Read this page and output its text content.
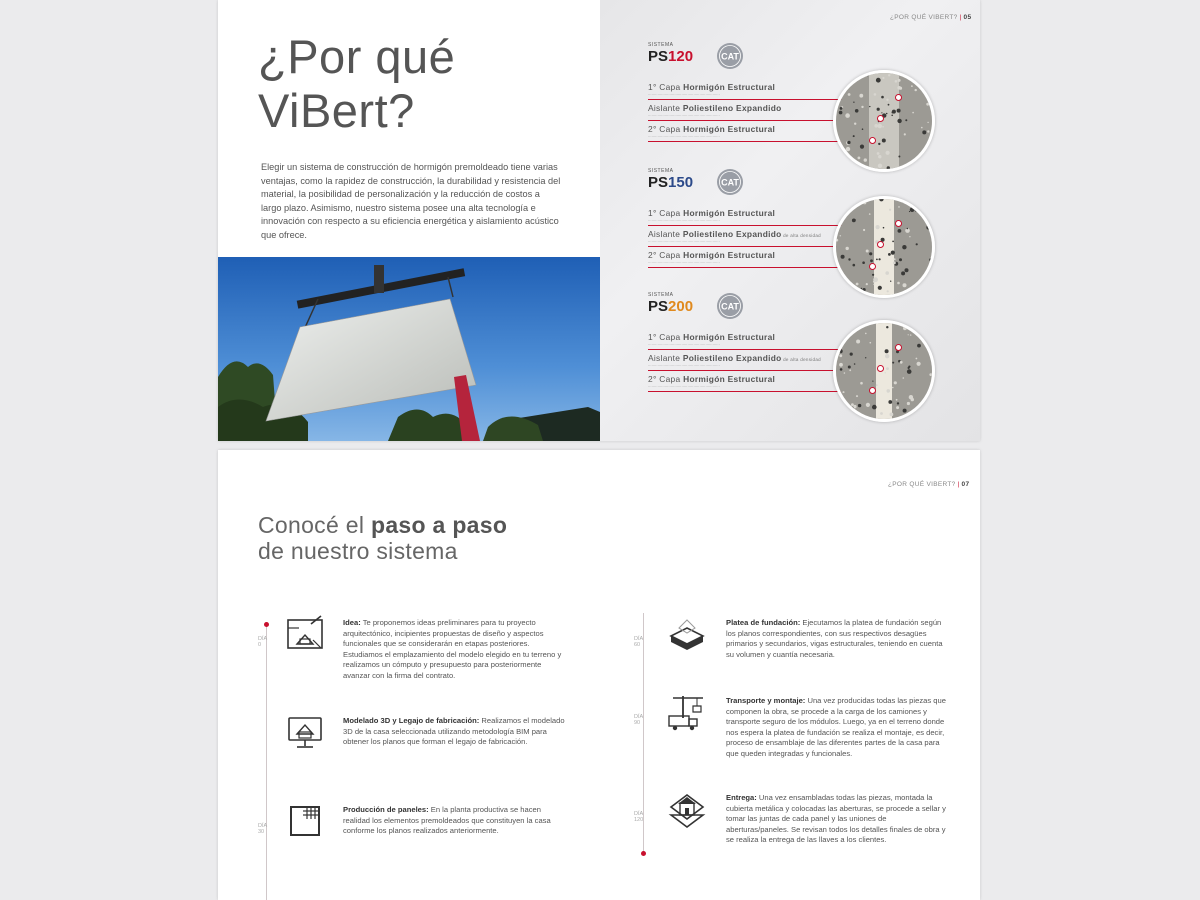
¿Por qué
ViBert?
Elegir un sistema de construcción de hormigón premoldeado tiene varias ventajas, como la rapidez de construcción, la durabilidad y resistencia del material, la posibilidad de personalización y la reducción de costos a largo plazo. Asimismo, nuestro sistema posee una alta tecnología e innovación con respecto a su eficiencia energética y aislamiento acústico que ofrece.
¿POR QUÉ VIBERT? | 05
SISTEMA
PS120	CAT
1° Capa Hormigón Estructural
····························································
Aislante Poliestileno Expandido
····························································
2° Capa Hormigón Estructural
····························································
SISTEMA
PS150	CAT
1° Capa Hormigón Estructural
····························································
Aislante Poliestileno Expandido de alta densidad
····························································
2° Capa Hormigón Estructural
····························································
SISTEMA
PS200	CAT
1° Capa Hormigón Estructural
····························································
Aislante Poliestileno Expandido de alta densidad
····························································
2° Capa Hormigón Estructural
····························································
¿POR QUÉ VIBERT? | 07
Conocé el paso a paso
de nuestro sistema
DÍA 0
Idea: Te proponemos ideas preliminares para tu proyecto arquitectónico, incipientes propuestas de diseño y aspectos funcionales que se considerarán en etapas posteriores. Estudiamos el emplazamiento del modelo elegido en tu terreno y realizamos un cómputo y presupuesto para posteriormente avanzar con la firma del contrato.
Modelado 3D y Legajo de fabricación: Realizamos el modelado 3D de la casa seleccionada utilizando metodología BIM para obtener los planos que forman el legajo de fabricación.
DÍA 30
Producción de paneles: En la planta productiva se hacen realidad los elementos premoldeados que constituyen la casa conforme los planos realizados anteriormente.
DÍA 60
Platea de fundación: Ejecutamos la platea de fundación según los planos correspondientes, con sus respectivos desagües primarios y secundarios, vigas estructurales, teniendo en cuenta su volumen y cuantía necesaria.
DÍA 90
Transporte y montaje: Una vez producidas todas las piezas que componen la obra, se procede a la carga de los camiones y transporte seguro de los módulos. Luego, ya en el terreno donde nos espera la platea de fundación se realiza el montaje, es decir, proceso de ensamblaje de las diferentes partes de la casa para que queden integradas y funcionales.
DÍA 120
Entrega: Una vez ensambladas todas las piezas, montada la cubierta metálica y colocadas las aberturas, se procede a sellar y tomar las juntas de cada panel y las uniones de aberturas/paneles. Se revisan todos los detalles finales de obra y se realiza la entrega de las llaves a los clientes.
